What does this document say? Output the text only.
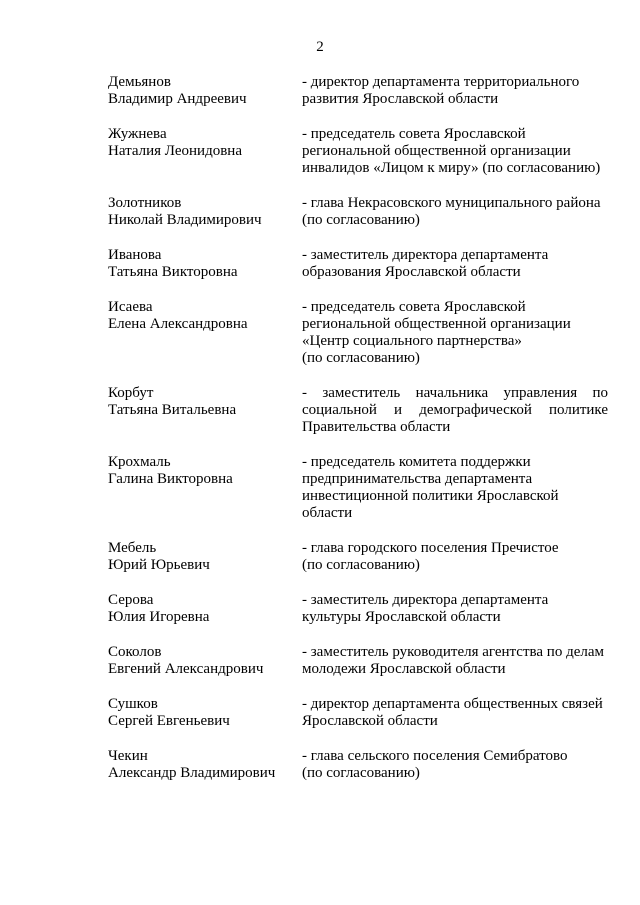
2
Демьянов
Владимир Андреевич
- директор департамента территориального
развития Ярославской области
Жужнева
Наталия Леонидовна
- председатель совета Ярославской
региональной общественной организации
инвалидов «Лицом к миру» (по согласованию)
Золотников
Николай Владимирович
- глава Некрасовского муниципального района
(по согласованию)
Иванова
Татьяна Викторовна
- заместитель директора департамента
образования Ярославской области
Исаева
Елена Александровна
- председатель совета Ярославской
региональной общественной организации
«Центр социального партнерства»
(по согласованию)
Корбут
Татьяна Витальевна
- заместитель начальника управления по
социальной и демографической политике
Правительства области
Крохмаль
Галина Викторовна
- председатель комитета поддержки
предпринимательства департамента
инвестиционной политики Ярославской
области
Мебель
Юрий Юрьевич
- глава городского поселения Пречистое
(по согласованию)
Серова
Юлия Игоревна
- заместитель директора департамента
культуры Ярославской области
Соколов
Евгений Александрович
- заместитель руководителя агентства по делам
молодежи Ярославской области
Сушков
Сергей Евгеньевич
- директор департамента общественных связей
Ярославской области
Чекин
Александр Владимирович
- глава сельского поселения Семибратово
(по согласованию)
